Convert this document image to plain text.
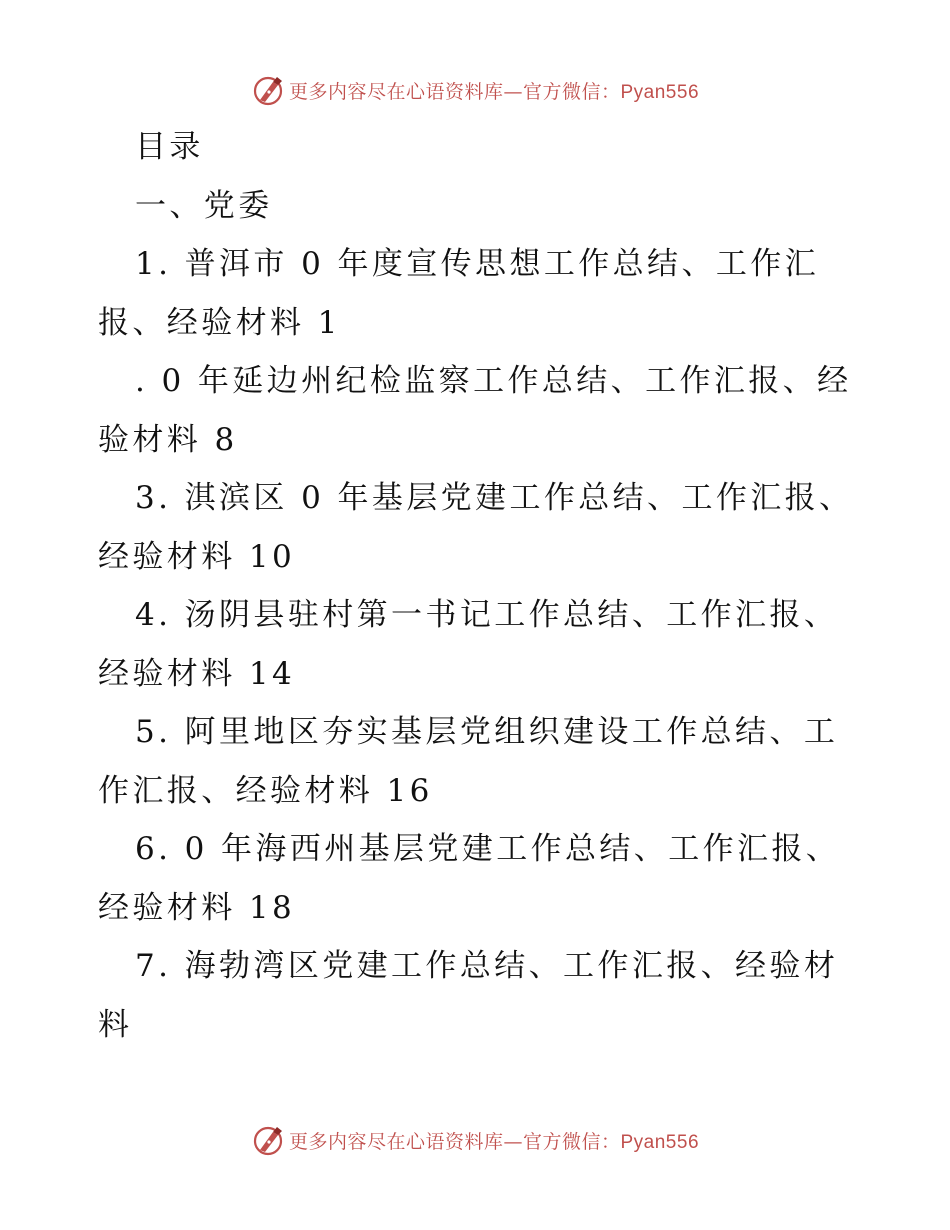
更多内容尽在心语资料库—官方微信：Pyan556

目录

一、党委

1. 普洱市 0 年度宣传思想工作总结、工作汇报、经验材料 1

. 0 年延边州纪检监察工作总结、工作汇报、经验材料 8

3. 淇滨区 0 年基层党建工作总结、工作汇报、经验材料 10

4. 汤阴县驻村第一书记工作总结、工作汇报、经验材料 14

5. 阿里地区夯实基层党组织建设工作总结、工作汇报、经验材料 16

6. 0 年海西州基层党建工作总结、工作汇报、经验材料 18

7. 海勃湾区党建工作总结、工作汇报、经验材料

更多内容尽在心语资料库—官方微信：Pyan556
